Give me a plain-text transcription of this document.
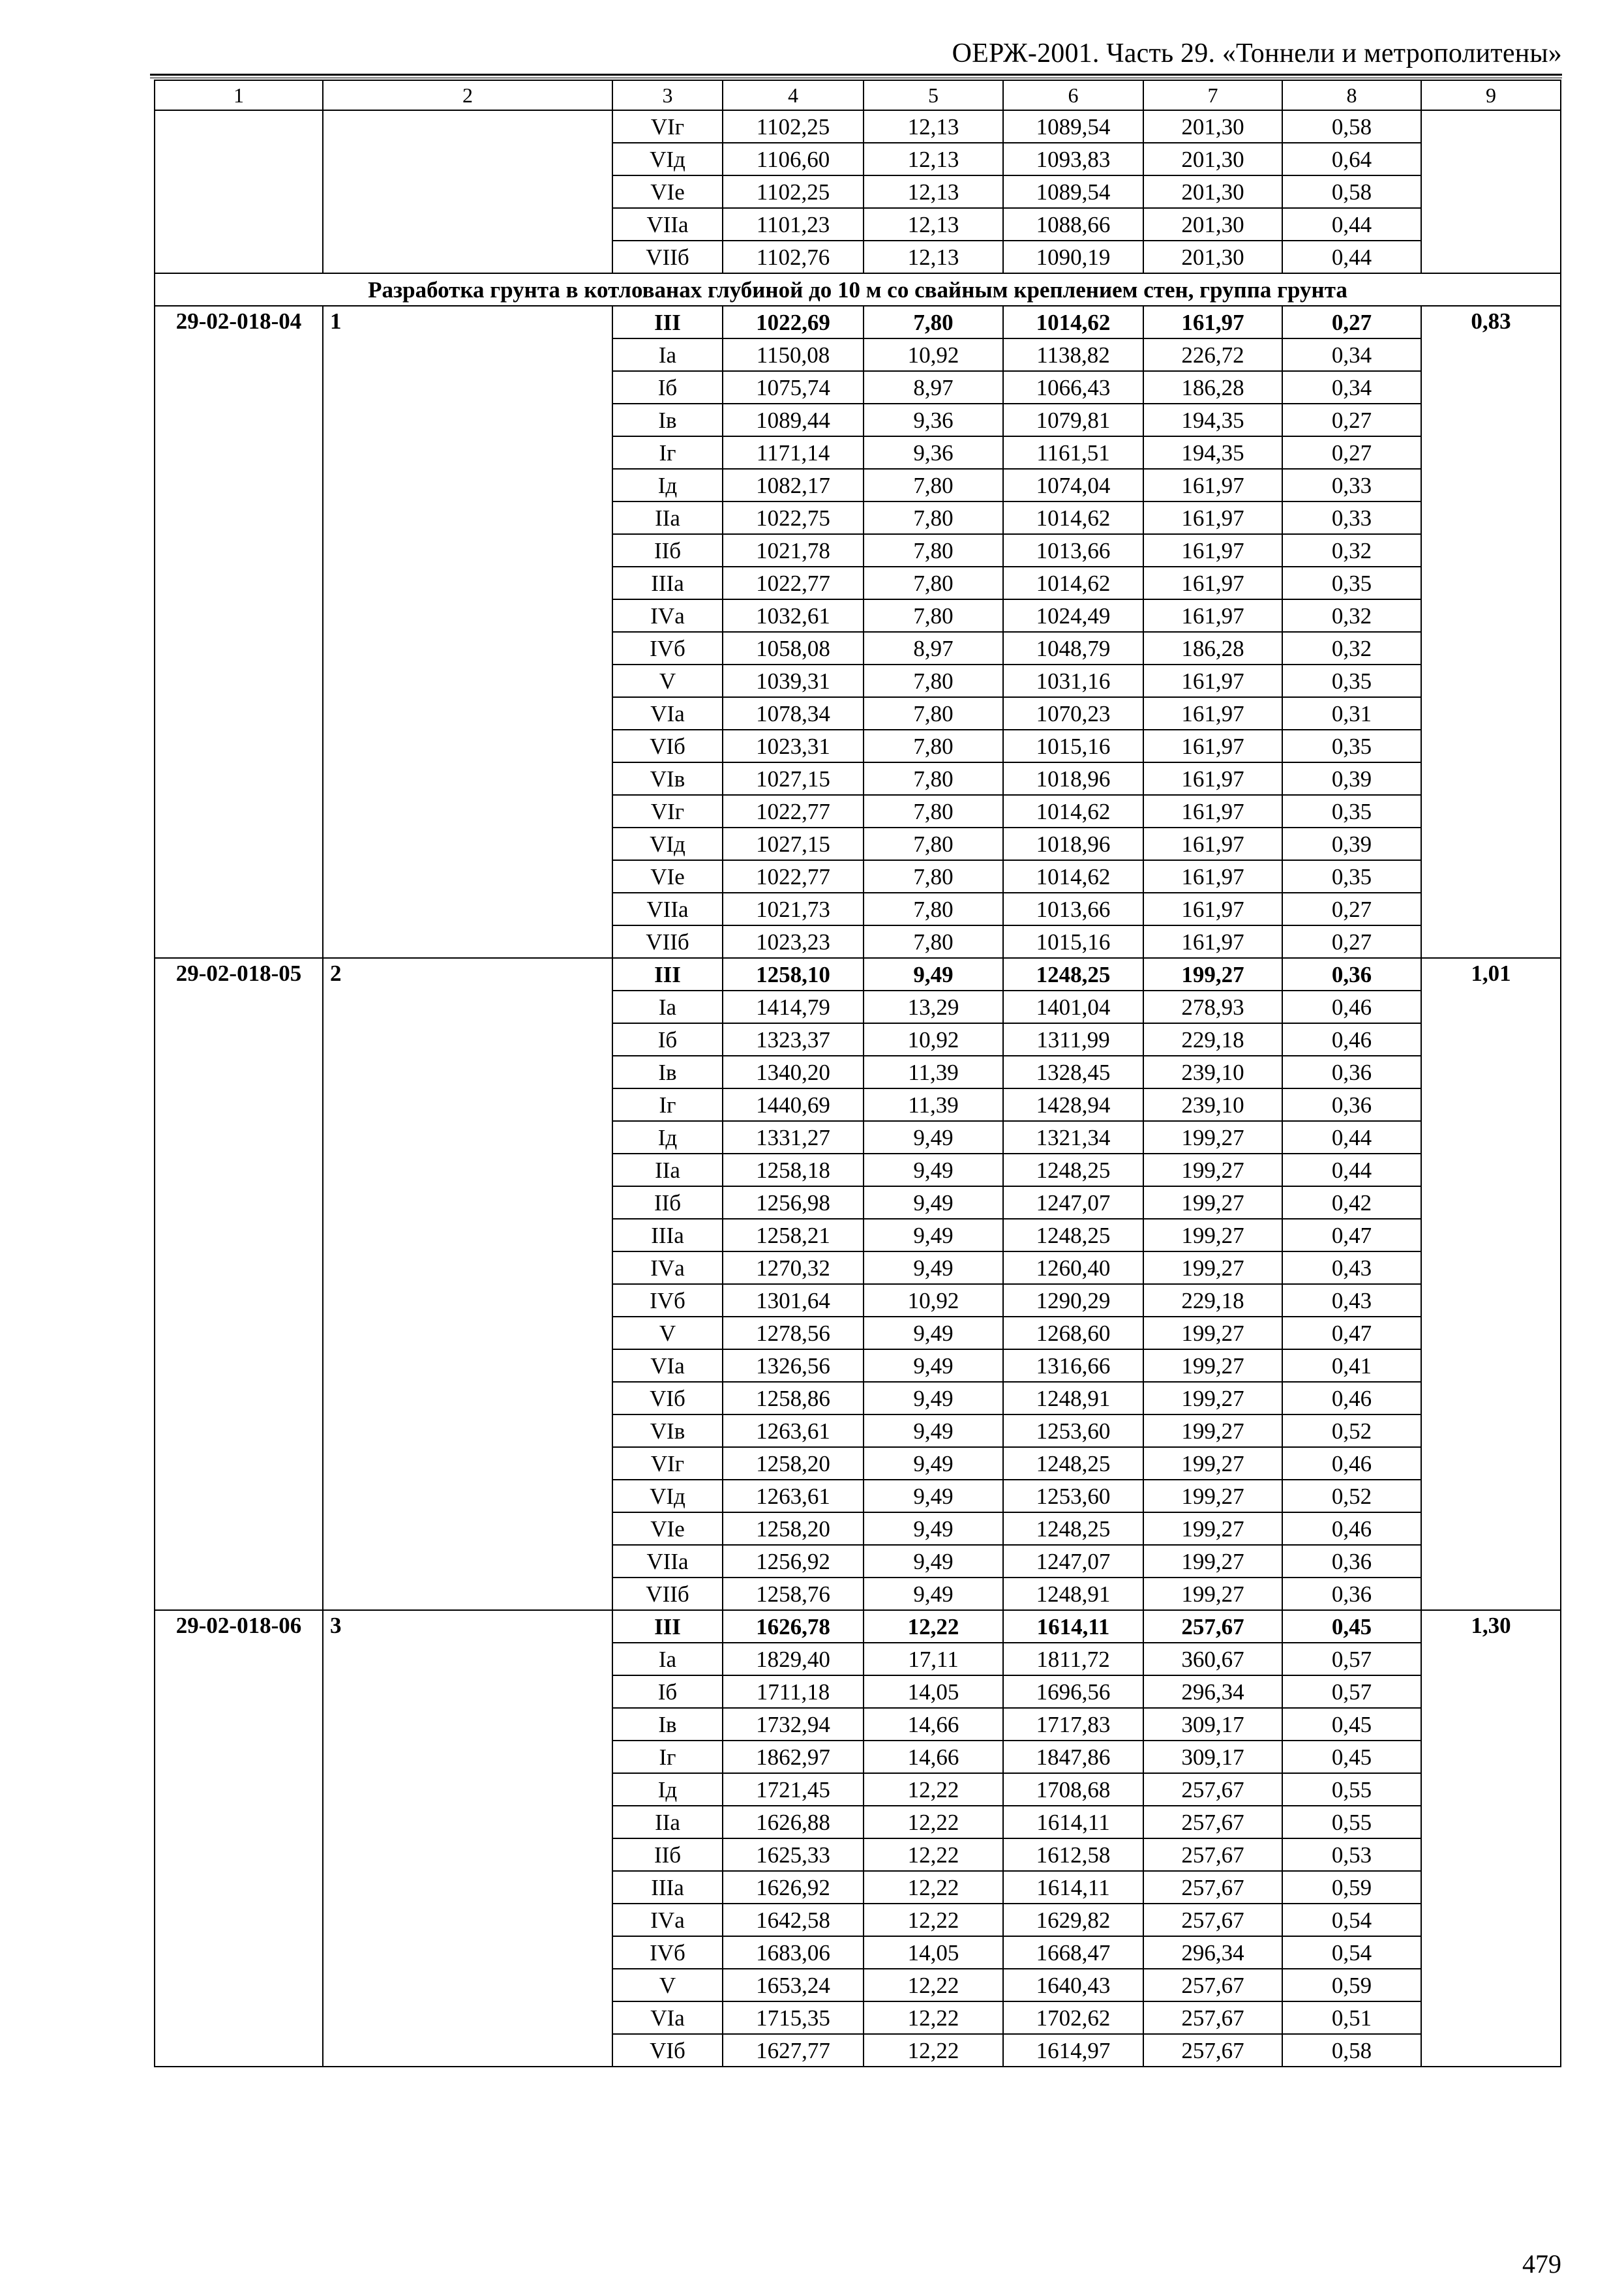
ОЕРЖ-2001. Часть 29. «Тоннели и метрополитены»
1	2	3	4	5	6	7	8	9
		VIг	1102,25	12,13	1089,54	201,30	0,58	
		VIд	1106,60	12,13	1093,83	201,30	0,64	
		VIе	1102,25	12,13	1089,54	201,30	0,58	
		VIIа	1101,23	12,13	1088,66	201,30	0,44	
		VIIб	1102,76	12,13	1090,19	201,30	0,44	
Разработка грунта в котлованах глубиной до 10 м со свайным креплением стен, группа грунта								
29-02-018-04	1	III	1022,69	7,80	1014,62	161,97	0,27	0,83
		Iа	1150,08	10,92	1138,82	226,72	0,34	
		Iб	1075,74	8,97	1066,43	186,28	0,34	
		Iв	1089,44	9,36	1079,81	194,35	0,27	
		Iг	1171,14	9,36	1161,51	194,35	0,27	
		Iд	1082,17	7,80	1074,04	161,97	0,33	
		IIа	1022,75	7,80	1014,62	161,97	0,33	
		IIб	1021,78	7,80	1013,66	161,97	0,32	
		IIIа	1022,77	7,80	1014,62	161,97	0,35	
		IVа	1032,61	7,80	1024,49	161,97	0,32	
		IVб	1058,08	8,97	1048,79	186,28	0,32	
		V	1039,31	7,80	1031,16	161,97	0,35	
		VIа	1078,34	7,80	1070,23	161,97	0,31	
		VIб	1023,31	7,80	1015,16	161,97	0,35	
		VIв	1027,15	7,80	1018,96	161,97	0,39	
		VIг	1022,77	7,80	1014,62	161,97	0,35	
		VIд	1027,15	7,80	1018,96	161,97	0,39	
		VIе	1022,77	7,80	1014,62	161,97	0,35	
		VIIа	1021,73	7,80	1013,66	161,97	0,27	
		VIIб	1023,23	7,80	1015,16	161,97	0,27	
29-02-018-05	2	III	1258,10	9,49	1248,25	199,27	0,36	1,01
		Iа	1414,79	13,29	1401,04	278,93	0,46	
		Iб	1323,37	10,92	1311,99	229,18	0,46	
		Iв	1340,20	11,39	1328,45	239,10	0,36	
		Iг	1440,69	11,39	1428,94	239,10	0,36	
		Iд	1331,27	9,49	1321,34	199,27	0,44	
		IIа	1258,18	9,49	1248,25	199,27	0,44	
		IIб	1256,98	9,49	1247,07	199,27	0,42	
		IIIа	1258,21	9,49	1248,25	199,27	0,47	
		IVа	1270,32	9,49	1260,40	199,27	0,43	
		IVб	1301,64	10,92	1290,29	229,18	0,43	
		V	1278,56	9,49	1268,60	199,27	0,47	
		VIа	1326,56	9,49	1316,66	199,27	0,41	
		VIб	1258,86	9,49	1248,91	199,27	0,46	
		VIв	1263,61	9,49	1253,60	199,27	0,52	
		VIг	1258,20	9,49	1248,25	199,27	0,46	
		VIд	1263,61	9,49	1253,60	199,27	0,52	
		VIе	1258,20	9,49	1248,25	199,27	0,46	
		VIIа	1256,92	9,49	1247,07	199,27	0,36	
		VIIб	1258,76	9,49	1248,91	199,27	0,36	
29-02-018-06	3	III	1626,78	12,22	1614,11	257,67	0,45	1,30
		Iа	1829,40	17,11	1811,72	360,67	0,57	
		Iб	1711,18	14,05	1696,56	296,34	0,57	
		Iв	1732,94	14,66	1717,83	309,17	0,45	
		Iг	1862,97	14,66	1847,86	309,17	0,45	
		Iд	1721,45	12,22	1708,68	257,67	0,55	
		IIа	1626,88	12,22	1614,11	257,67	0,55	
		IIб	1625,33	12,22	1612,58	257,67	0,53	
		IIIа	1626,92	12,22	1614,11	257,67	0,59	
		IVа	1642,58	12,22	1629,82	257,67	0,54	
		IVб	1683,06	14,05	1668,47	296,34	0,54	
		V	1653,24	12,22	1640,43	257,67	0,59	
		VIа	1715,35	12,22	1702,62	257,67	0,51	
		VIб	1627,77	12,22	1614,97	257,67	0,58	
479
